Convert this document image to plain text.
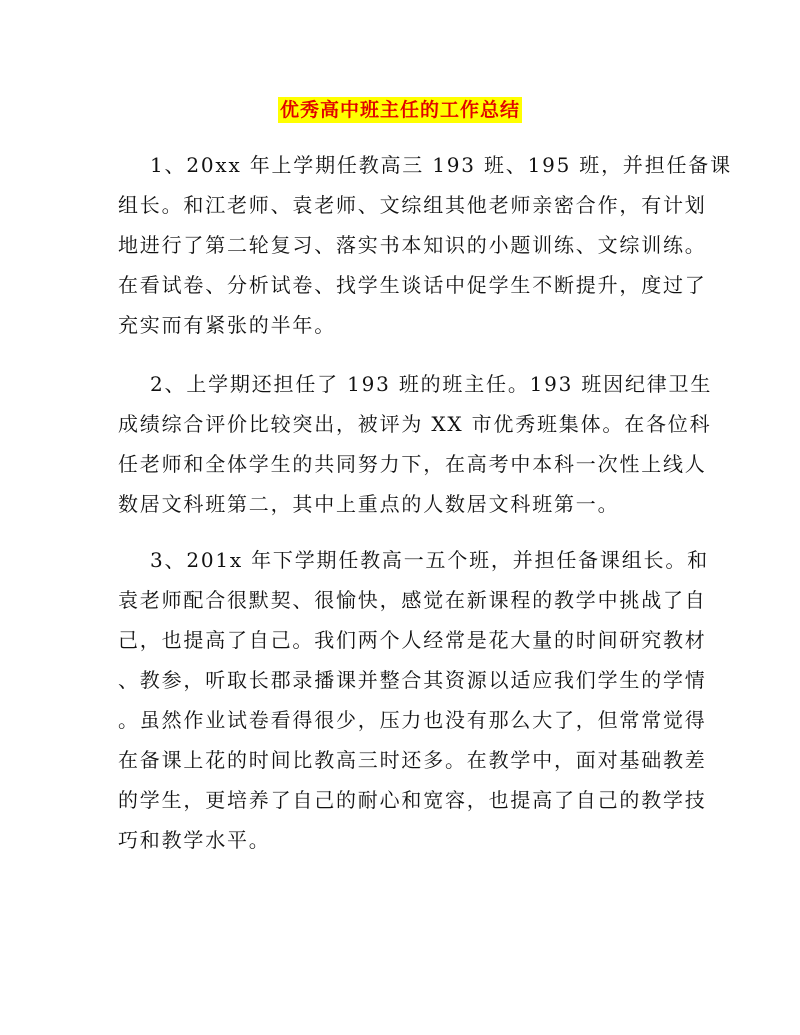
优秀高中班主任的工作总结
1、20xx 年上学期任教高三 193 班、195 班，并担任备课
组长。和江老师、袁老师、文综组其他老师亲密合作，有计划
地进行了第二轮复习、落实书本知识的小题训练、文综训练。
在看试卷、分析试卷、找学生谈话中促学生不断提升，度过了
充实而有紧张的半年。
2、上学期还担任了 193 班的班主任。193 班因纪律卫生
成绩综合评价比较突出，被评为 XX 市优秀班集体。在各位科
任老师和全体学生的共同努力下，在高考中本科一次性上线人
数居文科班第二，其中上重点的人数居文科班第一。
3、201x 年下学期任教高一五个班，并担任备课组长。和
袁老师配合很默契、很愉快，感觉在新课程的教学中挑战了自
己，也提高了自己。我们两个人经常是花大量的时间研究教材
、教参，听取长郡录播课并整合其资源以适应我们学生的学情
。虽然作业试卷看得很少，压力也没有那么大了，但常常觉得
在备课上花的时间比教高三时还多。在教学中，面对基础教差
的学生，更培养了自己的耐心和宽容，也提高了自己的教学技
巧和教学水平。
